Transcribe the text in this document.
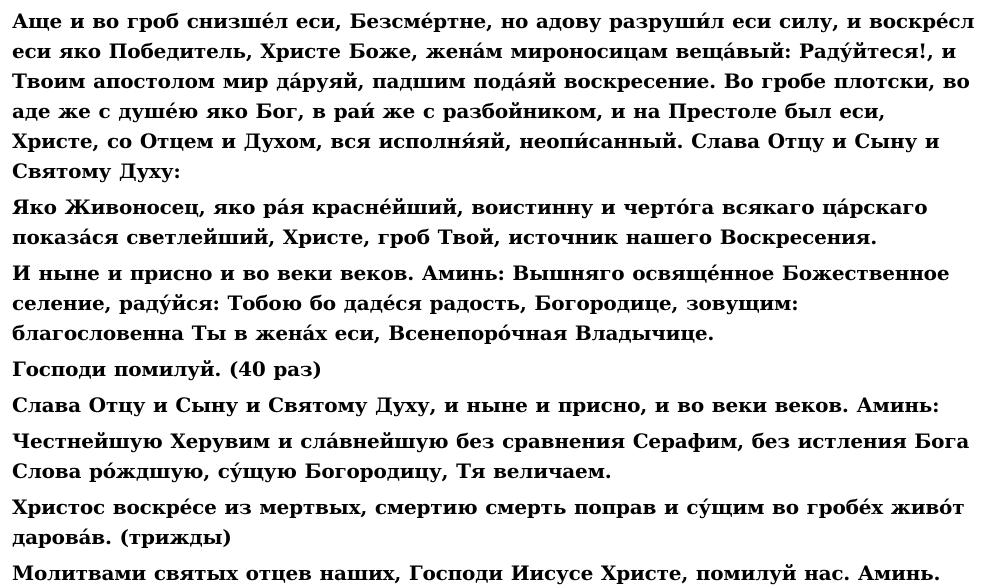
Аще и во гроб снизше́л еси, Безсме́ртне, но адову разруши́л еси силу, и воскре́сл еси яко Победитель, Христе Боже, жена́м мироносицам веща́вый: Раду́йтеся!, и Твоим апостолом мир да́руяй, падшим пода́яй воскресение. Во гробе плотски, во аде же с душе́ю яко Бог, в раи́ же с разбойником, и на Престоле был еси, Христе, со Отцем и Духом, вся исполня́яй, неопи́санный. Слава Отцу и Сыну и Святому Духу:

Яко Живоносец, яко ра́я красне́йший, воистинну и черто́га всякаго ца́рскаго показа́ся светлейший, Христе, гроб Твой, источник нашего Воскресения.

И ныне и присно и во веки веков. Аминь: Вышняго освяще́нное Божественное селение, раду́йся: Тобою бо даде́ся радость, Богородице, зовущим: благословенна Ты в жена́х еси, Всенепоро́чная Владычице.

Господи помилуй. (40 раз)

Слава Отцу и Сыну и Святому Духу, и ныне и присно, и во веки веков. Аминь:

Честнейшую Херувим и сла́внейшую без сравнения Серафим, без истления Бога Слова ро́ждшую, су́щую Богородицу, Тя величаем.

Христос воскре́се из мертвых, смертию смерть поправ и су́щим во гробе́х живо́т дарова́в. (трижды)

Молитвами святых отцев наших, Господи Иисусе Христе, помилуй нас. Аминь.
